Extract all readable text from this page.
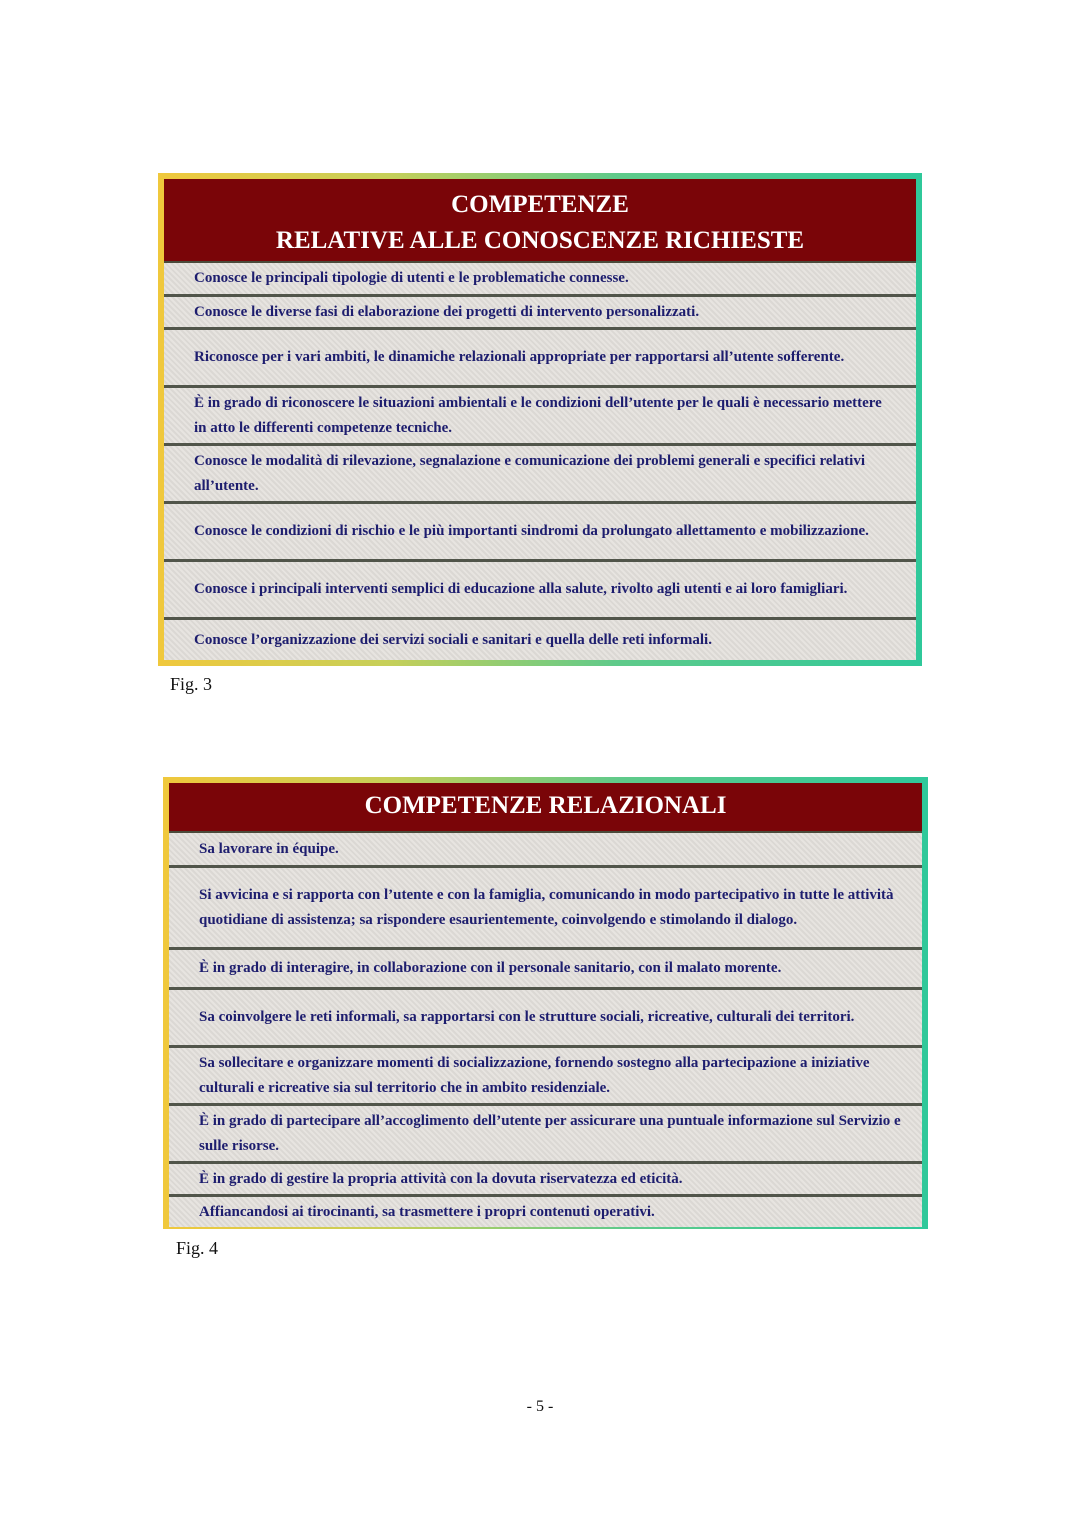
COMPETENZE
RELATIVE ALLE CONOSCENZE RICHIESTE
Conosce le principali tipologie di utenti e le problematiche connesse.
Conosce le diverse fasi di elaborazione dei progetti di intervento personalizzati.
Riconosce per i vari ambiti, le dinamiche relazionali appropriate per rapportarsi all’utente sofferente.
È in grado di riconoscere le situazioni ambientali e le condizioni dell’utente per le quali è necessario mettere in atto le differenti competenze tecniche.
Conosce le modalità di rilevazione, segnalazione e comunicazione dei problemi generali e specifici relativi all’utente.
Conosce le condizioni di rischio e le più importanti sindromi da prolungato allettamento e mobilizzazione.
Conosce i principali interventi semplici di educazione alla salute, rivolto agli utenti e ai loro famigliari.
Conosce l’organizzazione dei servizi sociali e sanitari e quella delle reti informali.
Fig. 3
COMPETENZE RELAZIONALI
Sa lavorare in équipe.
Si avvicina e si rapporta con l’utente e con la famiglia, comunicando in modo partecipativo in tutte le attività quotidiane di assistenza; sa rispondere esaurientemente, coinvolgendo e stimolando il dialogo.
È in grado di interagire, in collaborazione con il personale sanitario, con il malato morente.
Sa coinvolgere le reti informali, sa rapportarsi con le strutture sociali, ricreative, culturali dei territori.
Sa sollecitare e organizzare momenti di socializzazione, fornendo sostegno alla partecipazione a iniziative culturali e ricreative sia sul territorio che in ambito residenziale.
È in grado di partecipare all’accoglimento dell’utente per assicurare una puntuale informazione sul Servizio e sulle risorse.
È in grado di gestire la propria attività con la dovuta riservatezza ed eticità.
Affiancandosi ai tirocinanti, sa trasmettere i propri contenuti operativi.
Fig. 4
- 5 -
